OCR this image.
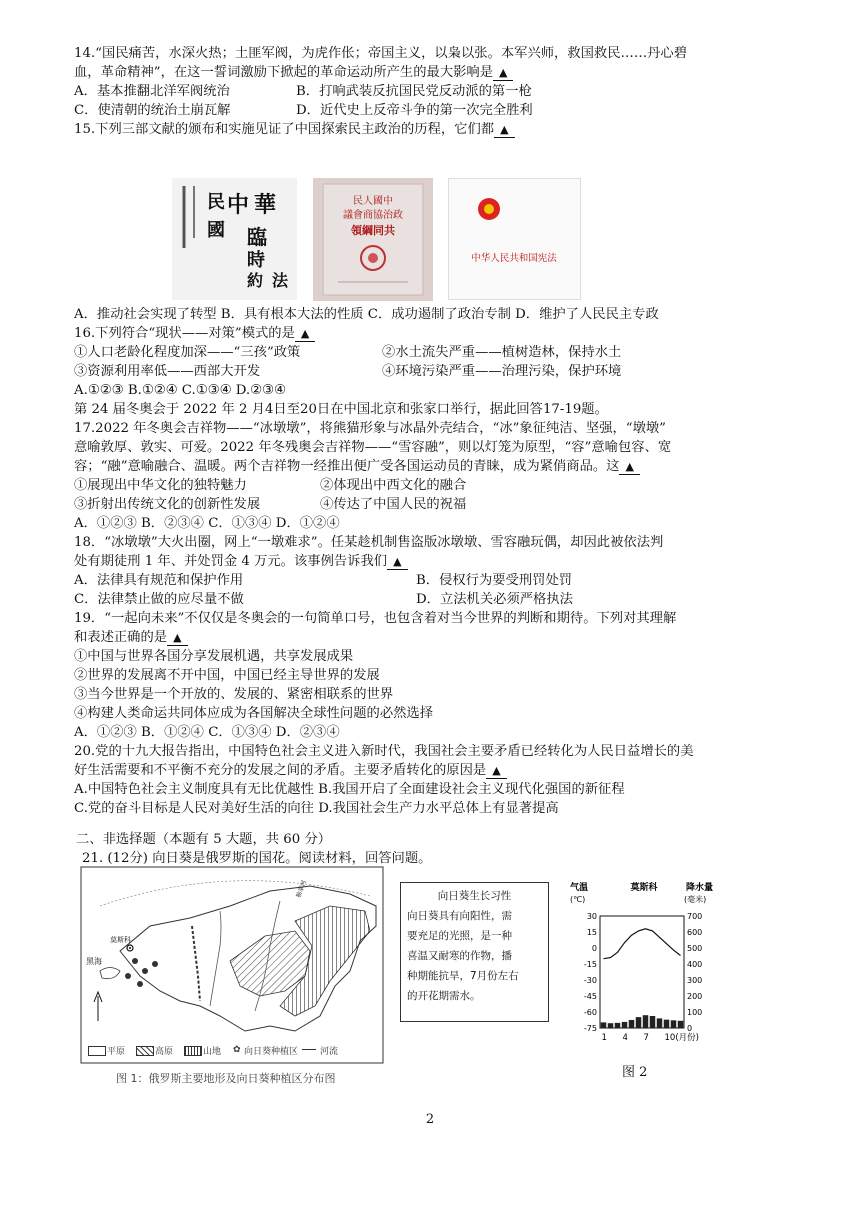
14.“国民痛苦，水深火热；土匪军阀，为虎作伥；帝国主义，以枭以张。本军兴师，救国救民……丹心碧
血，革命精神”，在这一誓词激励下掀起的革命运动所产生的最大影响是 ▲
A．基本推翻北洋军阀统治	B．打响武装反抗国民党反动派的第一枪
C．使清朝的统治土崩瓦解	D．近代史上反帝斗争的第一次完全胜利
15.下列三部文献的颁布和实施见证了中国探索民主政治的历程，它们都 ▲
中 華
民
國 臨
時
約 法
民人國中
議會商協治政
領綱同共
中华人民共和国宪法
A．推动社会实现了转型 B．具有根本大法的性质 C．成功遏制了政治专制 D．维护了人民民主专政
16.下列符合“现状——对策”模式的是 ▲
①人口老龄化程度加深——“三孩”政策	②水土流失严重——植树造林，保持水土
③资源利用率低——西部大开发	④环境污染严重——治理污染，保护环境
A.①②③ B.①②④ C.①③④ D.②③④
第 24 届冬奥会于 2022 年 2 月4日至20日在中国北京和张家口举行，据此回答17-19题。
17.2022 年冬奥会吉祥物——“冰墩墩”，将熊猫形象与冰晶外壳结合，“冰”象征纯洁、坚强，“墩墩”
意喻敦厚、敦实、可爱。2022 年冬残奥会吉祥物——“雪容融”，则以灯笼为原型，“容”意喻包容、宽
容；“融”意喻融合、温暖。两个吉祥物一经推出便广受各国运动员的青睐，成为紧俏商品。这 ▲
①展现出中华文化的独特魅力	②体现出中西文化的融合
③折射出传统文化的创新性发展	④传达了中国人民的祝福
A．①②③ B．②③④ C．①③④ D．①②④
18．“冰墩墩”大火出圈，网上“一墩难求”。任某趁机制售盗版冰墩墩、雪容融玩偶，却因此被依法判
处有期徒刑 1 年、并处罚金 4 万元。该事例告诉我们 ▲
A．法律具有规范和保护作用	B．侵权行为要受刑罚处罚
C．法律禁止做的应尽量不做	D．立法机关必须严格执法
19．“一起向未来”不仅仅是冬奥会的一句简单口号，也包含着对当今世界的判断和期待。下列对其理解
和表述正确的是 ▲
①中国与世界各国分享发展机遇，共享发展成果
②世界的发展离不开中国，中国已经主导世界的发展
③当今世界是一个开放的、发展的、紧密相联系的世界
④构建人类命运共同体应成为各国解决全球性问题的必然选择
A．①②③ B．①②④ C．①③④ D．②③④
20.党的十九大报告指出，中国特色社会主义进入新时代，我国社会主要矛盾已经转化为人民日益增长的美
好生活需要和不平衡不充分的发展之间的矛盾。主要矛盾转化的原因是 ▲
A.中国特色社会主义制度具有无比优越性 B.我国开启了全面建设社会主义现代化强国的新征程
C.党的奋斗目标是人民对美好生活的向往 D.我国社会生产力水平总体上有显著提高
二、非选择题（本题有 5 大题，共 60 分）
21. (12分) 向日葵是俄罗斯的国花。阅读材料，回答问题。
黑海
莫斯科
勒拿河
平原	高原	山地 ✿ 向日葵种植区 河流
图 1：俄罗斯主要地形及向日葵种植区分布图
向日葵生长习性
向日葵具有向阳性，需
要充足的光照，是一种
喜温又耐寒的作物，播
种期能抗旱，7月份左右
的开花期需水。
气温
(℃)
莫斯科	降水量
(毫米)
30
15
0
-15
-30
-45
-60
-75
700
600
500
400
300
200
100
0
1 4 7 10(月份)
图 2
2
